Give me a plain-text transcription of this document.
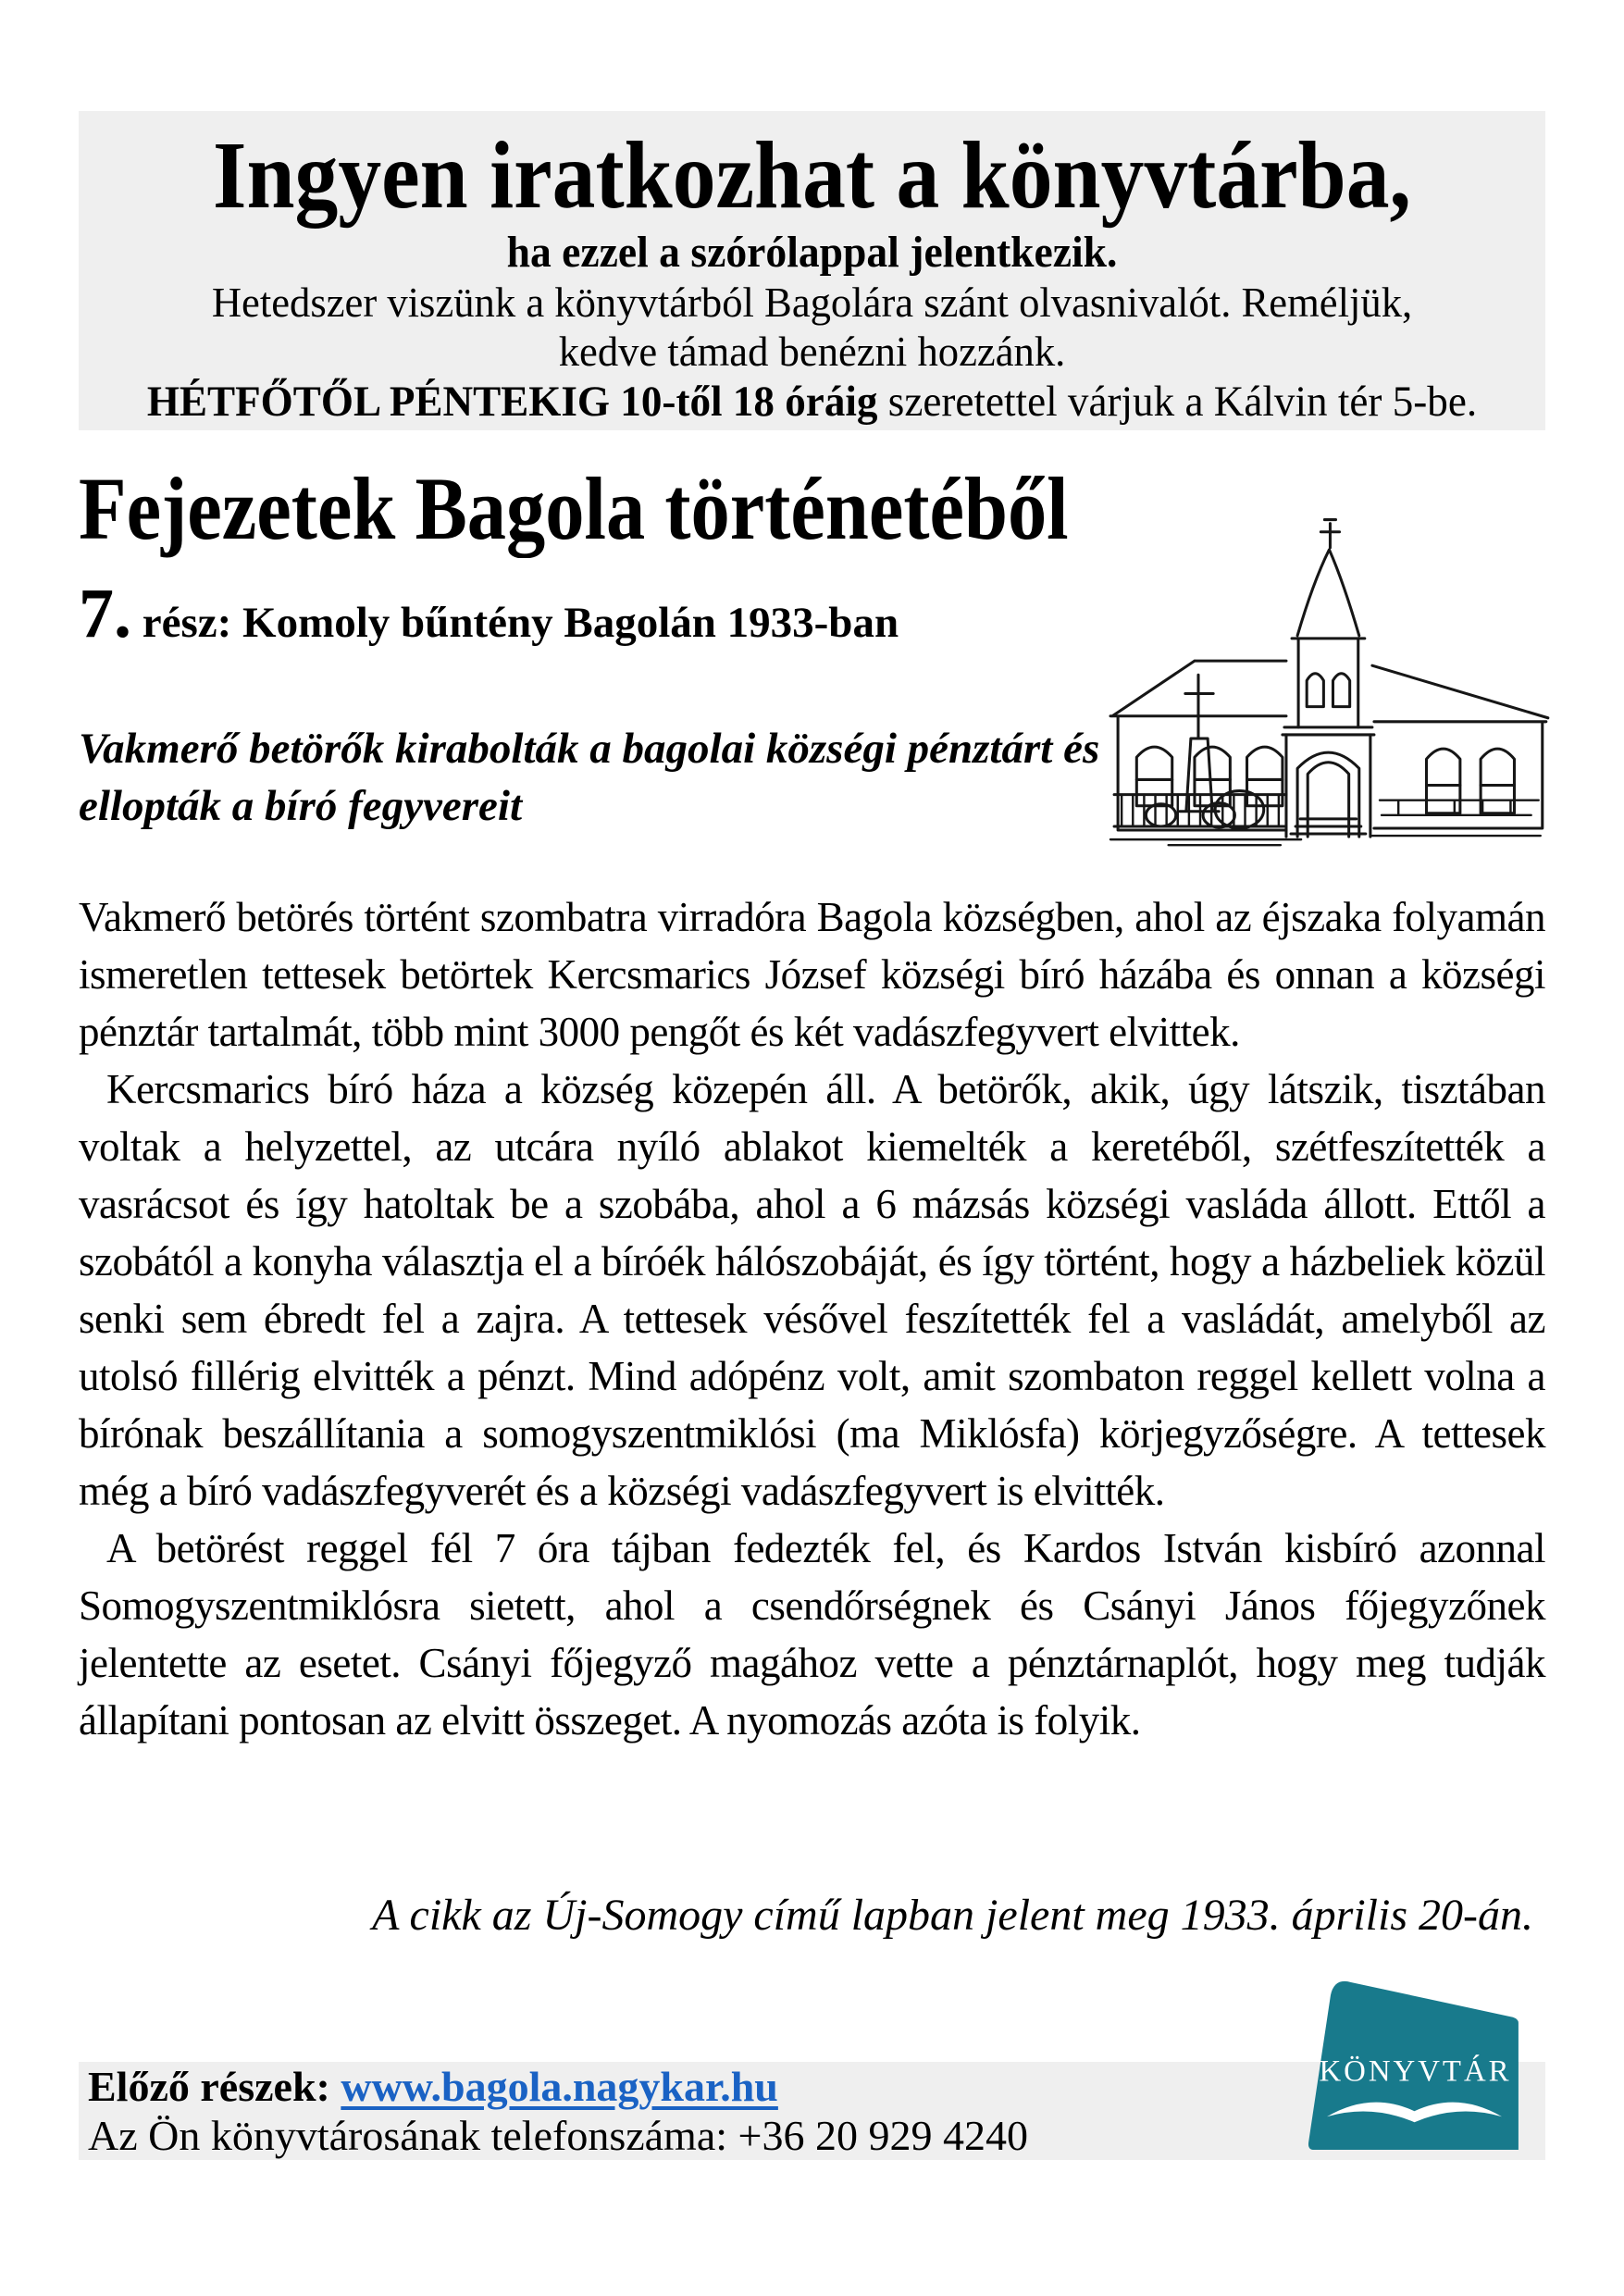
Ingyen iratkozhat a könyvtárba,
ha ezzel a szórólappal jelentkezik.
Hetedszer viszünk a könyvtárból Bagolára szánt olvasnivalót. Reméljük,
kedve támad benézni hozzánk.
HÉTFŐTŐL PÉNTEKIG 10-től 18 óráig szeretettel várjuk a Kálvin tér 5-be.
Fejezetek Bagola történetéből
7. rész: Komoly bűntény Bagolán 1933-ban
Vakmerő betörők kirabolták a bagolai községi pénztárt és ellopták a bíró fegyvereit

Vakmerő betörés történt szombatra virradóra Bagola községben, ahol az éjszaka folyamán ismeretlen tettesek betörtek Kercsmarics József községi bíró házába és onnan a községi pénztár tartalmát, több mint 3000 pengőt és két vadászfegyvert elvittek.

Kercsmarics bíró háza a község közepén áll. A betörők, akik, úgy látszik, tisztában voltak a helyzettel, az utcára nyíló ablakot kiemelték a keretéből, szétfeszítették a vasrácsot és így hatoltak be a szobába, ahol a 6 mázsás községi vasláda állott. Ettől a szobától a konyha választja el a bíróék hálószobáját, és így történt, hogy a házbeliek közül senki sem ébredt fel a zajra. A tettesek vésővel feszítették fel a vasládát, amelyből az utolsó fillérig elvitték a pénzt. Mind adópénz volt, amit szombaton reggel kellett volna a bírónak beszállítania a somogyszentmiklósi (ma Miklósfa) körjegyzőségre. A tettesek még a bíró vadászfegyverét és a községi vadászfegyvert is elvitték.

A betörést reggel fél 7 óra tájban fedezték fel, és Kardos István kisbíró azonnal Somogyszentmiklósra sietett, ahol a csendőrségnek és Csányi János főjegyzőnek jelentette az esetet. Csányi főjegyző magához vette a pénztárnaplót, hogy meg tudják állapítani pontosan az elvitt összeget. A nyomozás azóta is folyik.

A cikk az Új-Somogy című lapban jelent meg 1933. április 20-án.
Előző részek: www.bagola.nagykar.hu
Az Ön könyvtárosának telefonszáma: +36 20 929 4240
KÖNYVTÁR
